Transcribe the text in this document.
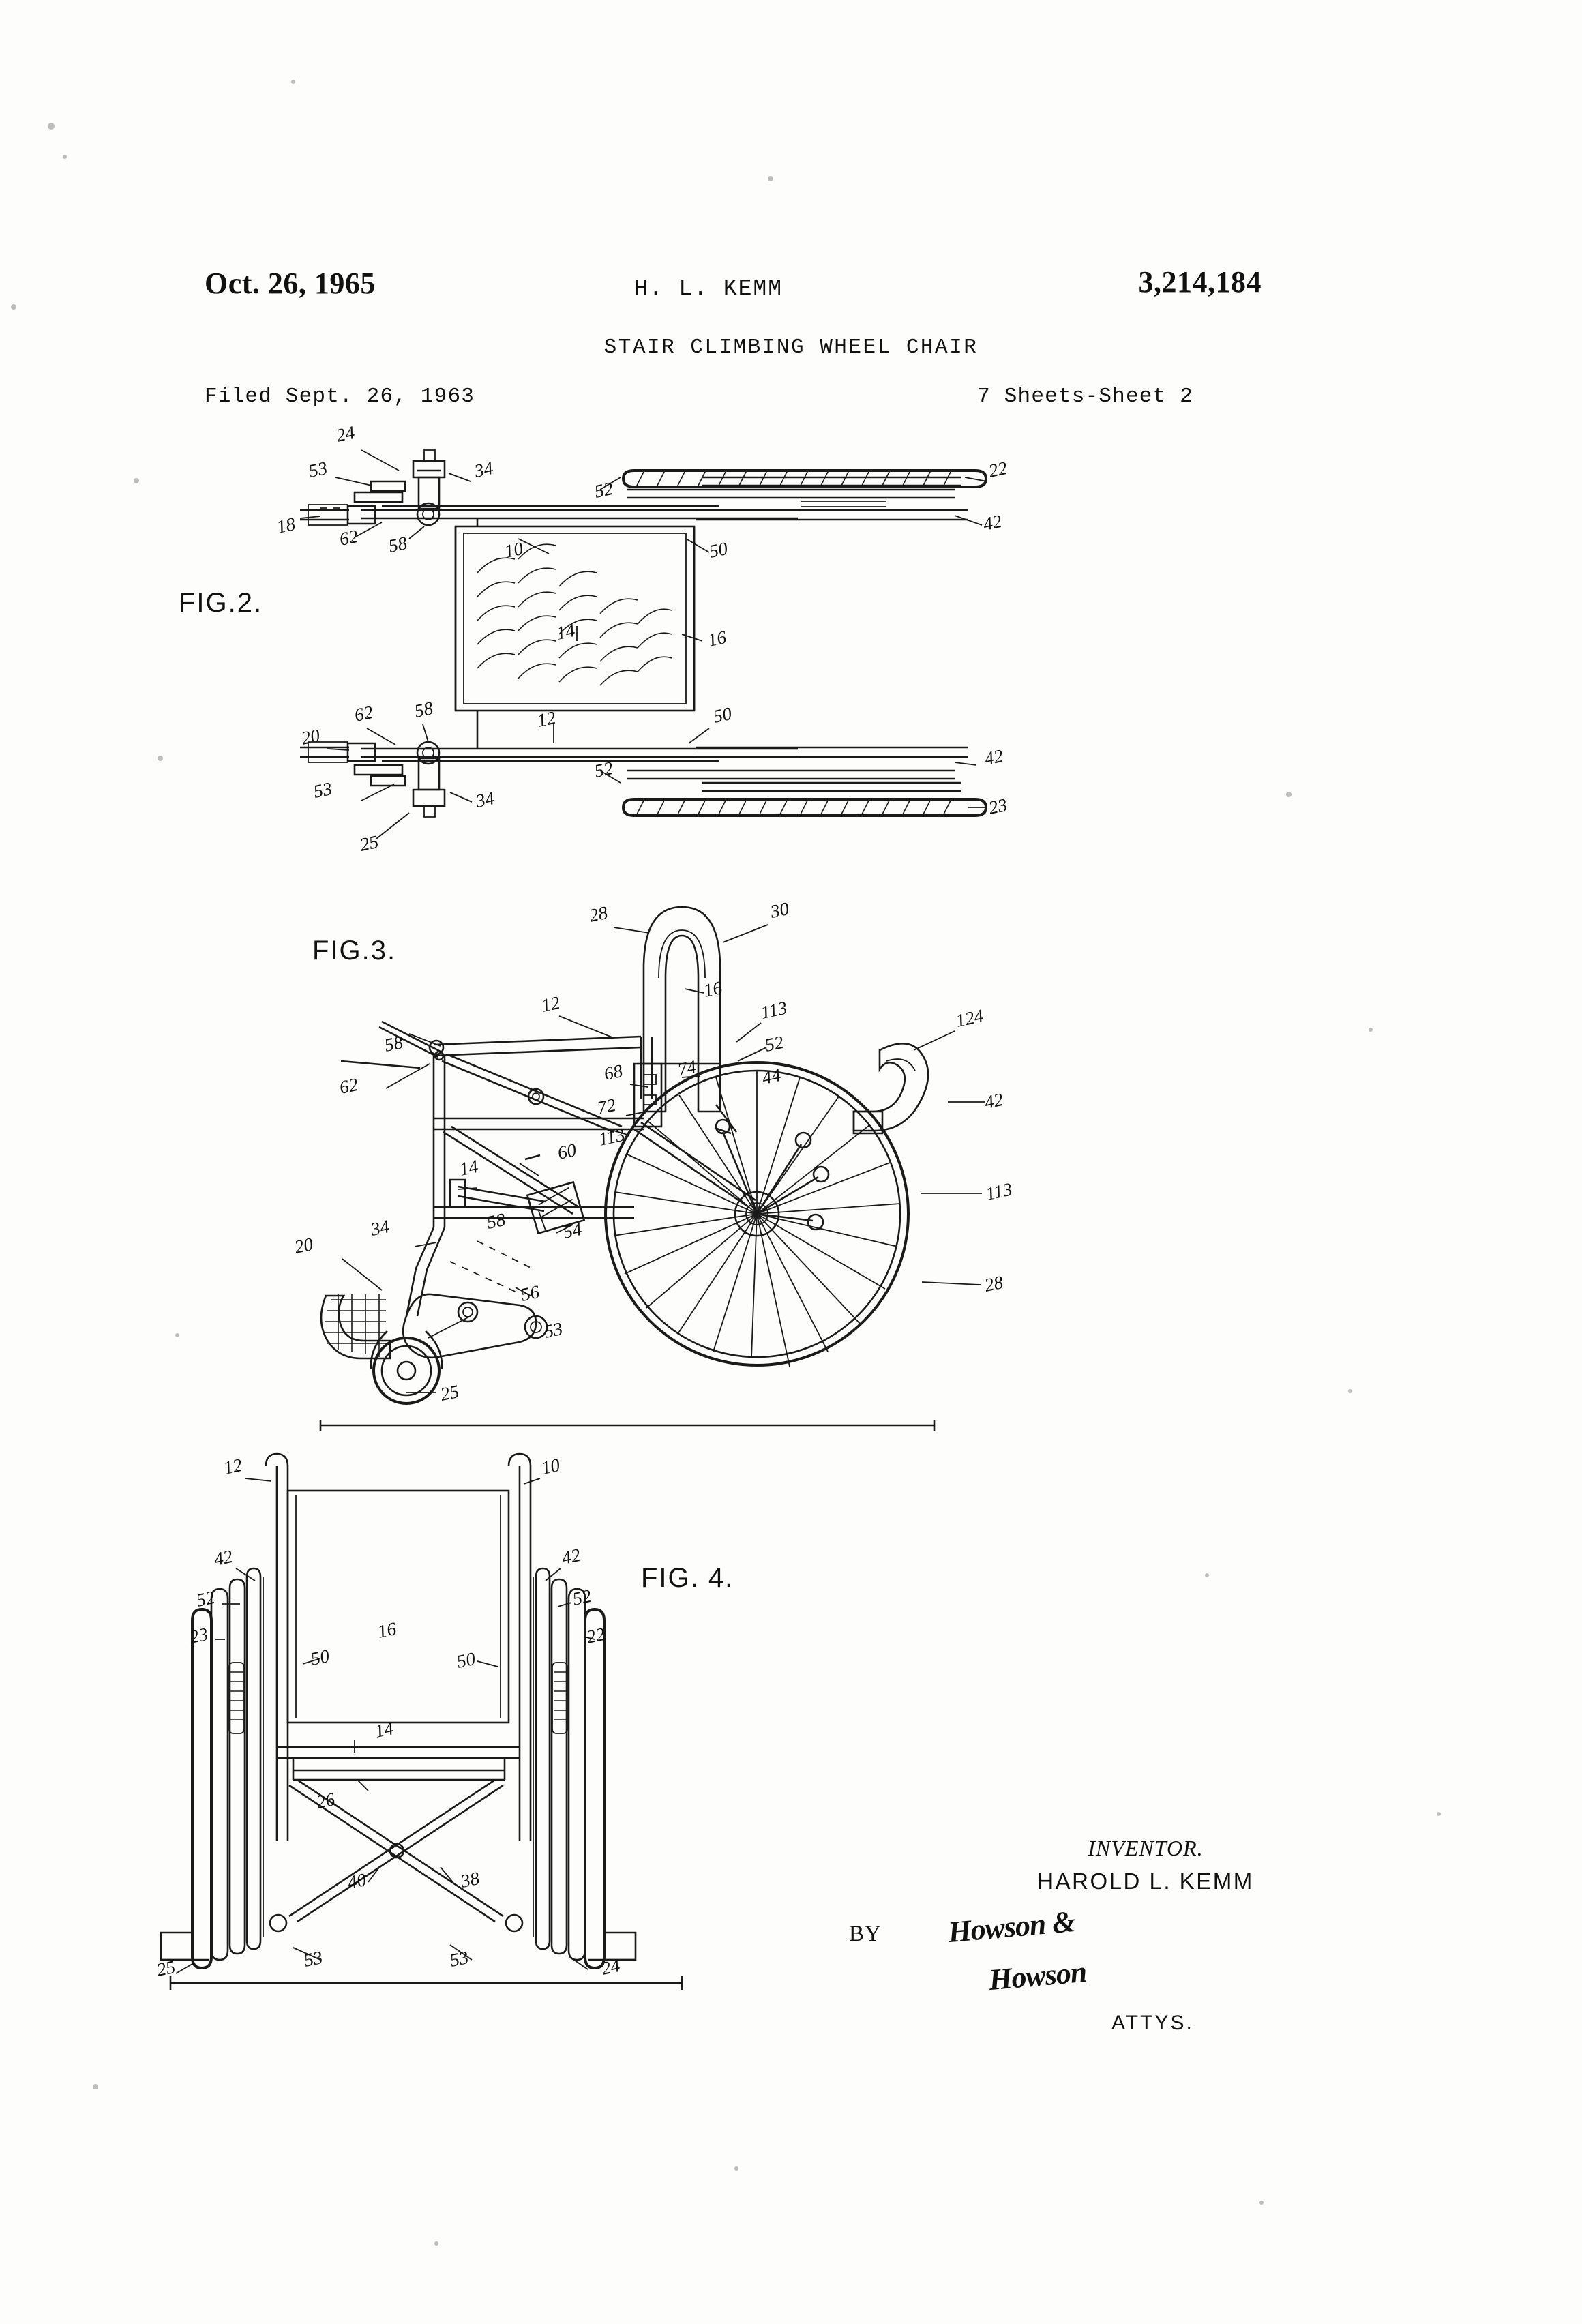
Oct. 26, 1965	H. L. KEMM	3,214,184
STAIR CLIMBING WHEEL CHAIR
Filed Sept. 26, 1963	7 Sheets-Sheet 2
FIG.2.
FIG.3.
FIG. 4.
INVENTOR.
HAROLD L. KEMM
BY Howson &
Howson
ATTYS.
24
53
18
62 58
34
52
22
42
10	50
14	16
12	50
20
62 58
52
42
23
53	34
25
28	30
16
113
52
124
12
58
62
68	74	44
42
72
113
14
60
113
34	58	54
28
20
56
53
25
12	10
42	42
52	52
23	22
16
50	50
14
26
40	38
25	53	53	24
